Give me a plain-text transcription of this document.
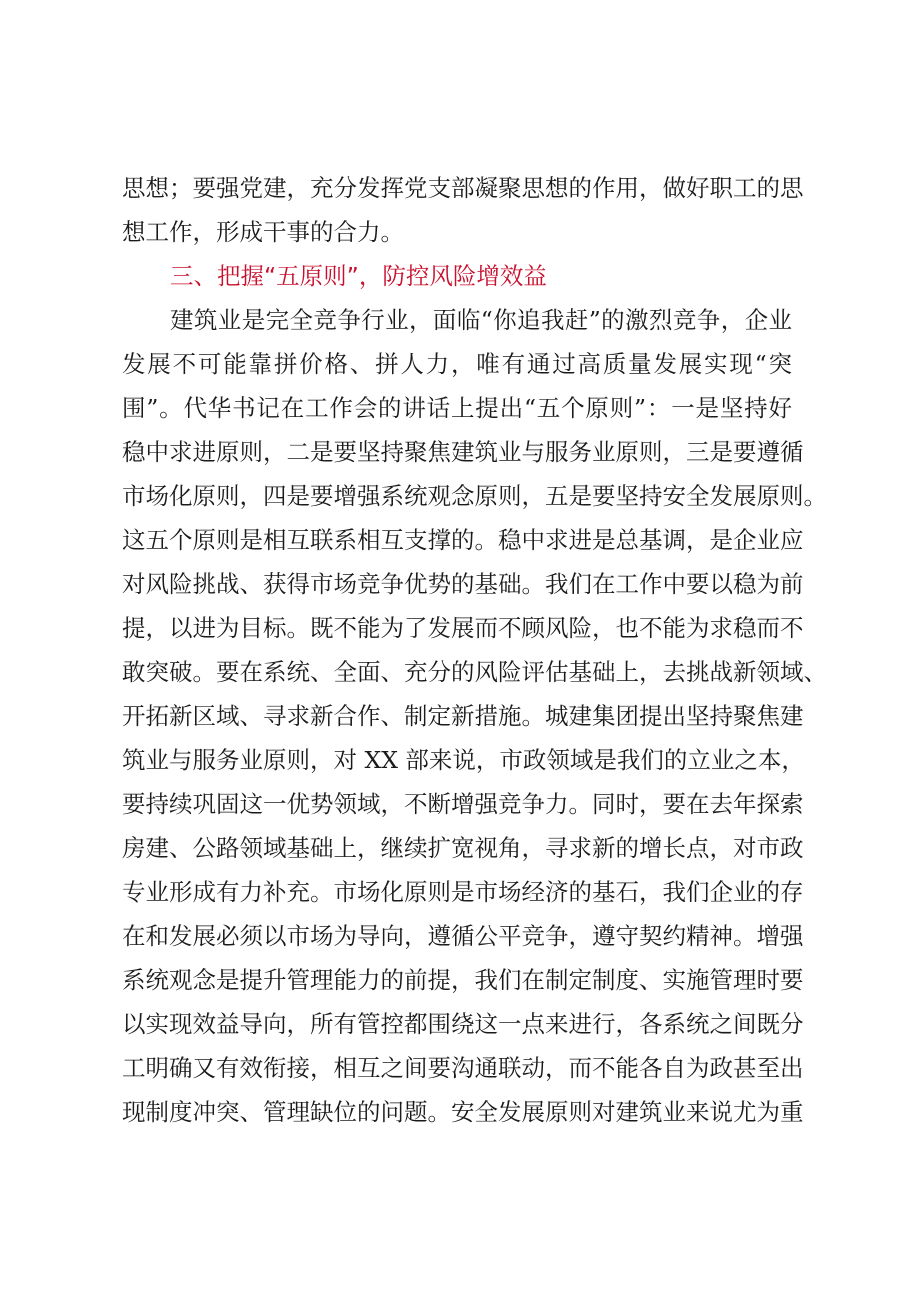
思想；要强党建，充分发挥党支部凝聚思想的作用，做好职工的思
想工作，形成干事的合力。
三、把握“五原则”，防控风险增效益
建筑业是完全竞争行业，面临“你追我赶”的激烈竞争，企业
发展不可能靠拼价格、拼人力，唯有通过高质量发展实现“突
围”。代华书记在工作会的讲话上提出“五个原则”：一是坚持好
稳中求进原则，二是要坚持聚焦建筑业与服务业原则，三是要遵循
市场化原则，四是要增强系统观念原则，五是要坚持安全发展原则。
这五个原则是相互联系相互支撑的。稳中求进是总基调，是企业应
对风险挑战、获得市场竞争优势的基础。我们在工作中要以稳为前
提，以进为目标。既不能为了发展而不顾风险，也不能为求稳而不
敢突破。要在系统、全面、充分的风险评估基础上，去挑战新领域、
开拓新区域、寻求新合作、制定新措施。城建集团提出坚持聚焦建
筑业与服务业原则，对 XX 部来说，市政领域是我们的立业之本，
要持续巩固这一优势领域，不断增强竞争力。同时，要在去年探索
房建、公路领域基础上，继续扩宽视角，寻求新的增长点，对市政
专业形成有力补充。市场化原则是市场经济的基石，我们企业的存
在和发展必须以市场为导向，遵循公平竞争，遵守契约精神。增强
系统观念是提升管理能力的前提，我们在制定制度、实施管理时要
以实现效益导向，所有管控都围绕这一点来进行，各系统之间既分
工明确又有效衔接，相互之间要沟通联动，而不能各自为政甚至出
现制度冲突、管理缺位的问题。安全发展原则对建筑业来说尤为重
